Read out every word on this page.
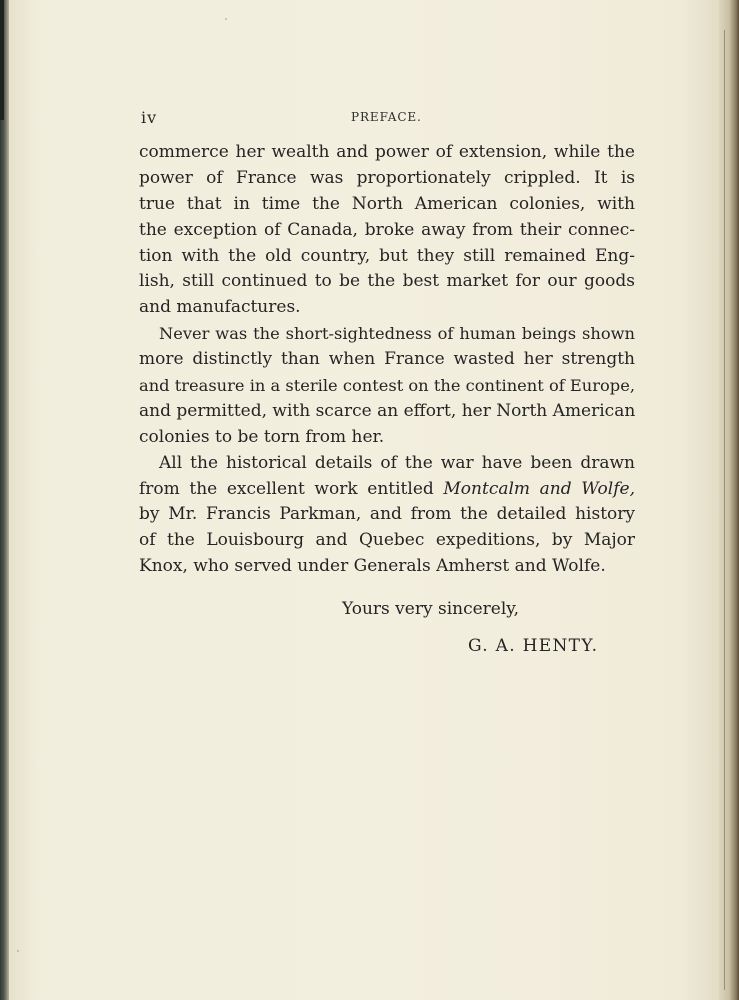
iv	PREFACE.
commerce her wealth and power of extension, while the
power of France was proportionately crippled. It is
true that in time the North American colonies, with
the exception of Canada, broke away from their connec-
tion with the old country, but they still remained Eng-
lish, still continued to be the best market for our goods
and manufactures.
Never was the short-sightedness of human beings shown
more distinctly than when France wasted her strength
and treasure in a sterile contest on the continent of Europe,
and permitted, with scarce an effort, her North American
colonies to be torn from her.
All the historical details of the war have been drawn
from the excellent work entitled Montcalm and Wolfe,
by Mr. Francis Parkman, and from the detailed history
of the Louisbourg and Quebec expeditions, by Major
Knox, who served under Generals Amherst and Wolfe.
Yours very sincerely,
G. A. HENTY.
